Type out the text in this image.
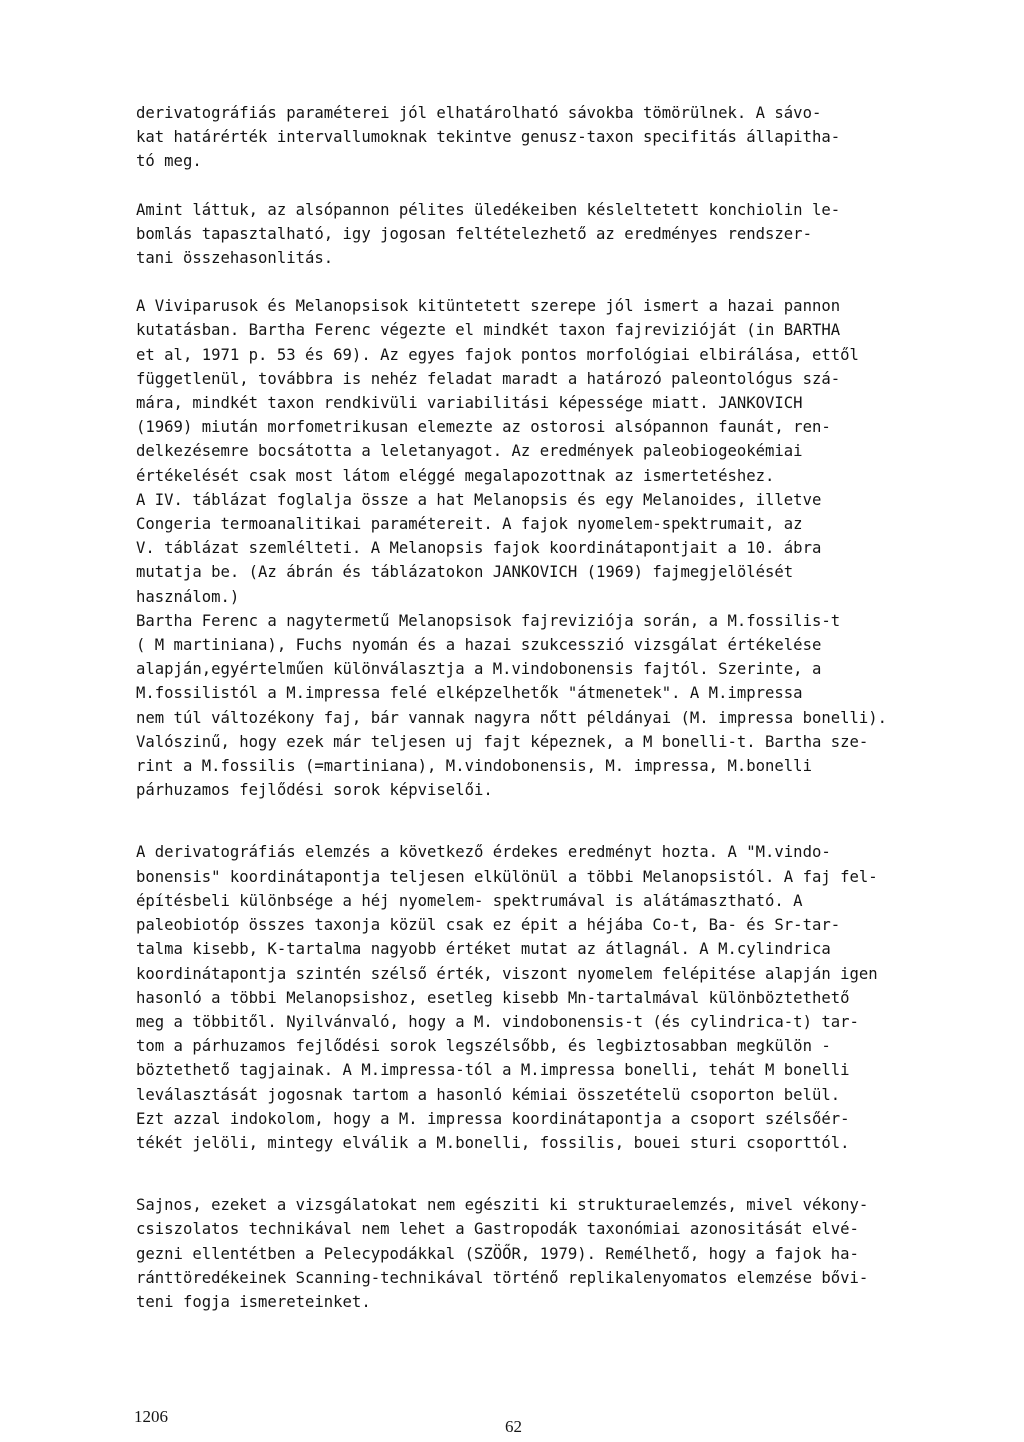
derivatográfiás paraméterei jól elhatárolható sávokba tömörülnek. A sávo-
kat határérték intervallumoknak tekintve genusz-taxon specifitás állapitha-
tó meg.

Amint láttuk, az alsópannon pélites üledékeiben késleltetett konchiolin le-
bomlás tapasztalható, igy jogosan feltételezhető az eredményes rendszer-
tani összehasonlitás.

A Viviparusok és Melanopsisok kitüntetett szerepe jól ismert a hazai pannon
kutatásban. Bartha Ferenc végezte el mindkét taxon fajrevizióját (in BARTHA
et al, 1971 p. 53 és 69). Az egyes fajok pontos morfológiai elbirálása, ettől
függetlenül, továbbra is nehéz feladat maradt a határozó paleontológus szá-
mára, mindkét taxon rendkivüli variabilitási képessége miatt. JANKOVICH
(1969) miután morfometrikusan elemezte az ostorosi alsópannon faunát, ren-
delkezésemre bocsátotta a leletanyagot. Az eredmények paleobiogeokémiai
értékelését csak most látom eléggé megalapozottnak az ismertetéshez.
A IV. táblázat foglalja össze a hat Melanopsis és egy Melanoides, illetve
Congeria termoanalitikai paramétereit. A fajok nyomelem-spektrumait, az
V. táblázat szemlélteti. A Melanopsis fajok koordinátapontjait a 10. ábra
mutatja be. (Az ábrán és táblázatokon JANKOVICH (1969) fajmegjelölését
használom.)

Bartha Ferenc a nagytermetű Melanopsisok fajreviziója során, a M.fossilis-t
( M martiniana), Fuchs nyomán és a hazai szukcesszió vizsgálat értékelése
alapján,egyértelműen különválasztja a M.vindobonensis fajtól. Szerinte, a
M.fossilistól a M.impressa felé elképzelhetők "átmenetek". A M.impressa
nem túl változékony faj, bár vannak nagyra nőtt példányai (M. impressa bonelli).
Valószinű, hogy ezek már teljesen uj fajt képeznek, a M bonelli-t. Bartha sze-
rint a M.fossilis (=martiniana), M.vindobonensis, M. impressa, M.bonelli
párhuzamos fejlődési sorok képviselői.

A derivatográfiás elemzés a következő érdekes eredményt hozta. A "M.vindo-
bonensis" koordinátapontja teljesen elkülönül a többi Melanopsistól. A faj fel-
építésbeli különbsége a héj nyomelem- spektrumával is alátámasztható. A
paleobiotóp összes taxonja közül csak ez épit a héjába Co-t, Ba- és Sr-tar-
talma kisebb, K-tartalma nagyobb értéket mutat az átlagnál. A M.cylindrica
koordinátapontja szintén szélső érték, viszont nyomelem felépitése alapján igen
hasonló a többi Melanopsishoz, esetleg kisebb Mn-tartalmával különböztethető
meg a többitől. Nyilvánvaló, hogy a M. vindobonensis-t (és cylindrica-t) tar-
tom a párhuzamos fejlődési sorok legszélsőbb, és legbiztosabban megkülön -
böztethető tagjainak. A M.impressa-tól a M.impressa bonelli, tehát M bonelli
leválasztását jogosnak tartom a hasonló kémiai összetételü csoporton belül.
Ezt azzal indokolom, hogy a M. impressa koordinátapontja a csoport szélsőér-
tékét jelöli, mintegy elválik a M.bonelli, fossilis, bouei sturi csoporttól.

Sajnos, ezeket a vizsgálatokat nem egésziti ki strukturaelemzés, mivel vékony-
csiszolatos technikával nem lehet a Gastropodák taxonómiai azonositását elvé-
gezni ellentétben a Pelecypodákkal (SZÖŐR, 1979). Remélhető, hogy a fajok ha-
ránttöredékeinek Scanning-technikával történő replikalenyomatos elemzése bővi-
teni fogja ismereteinket.

1206
62
